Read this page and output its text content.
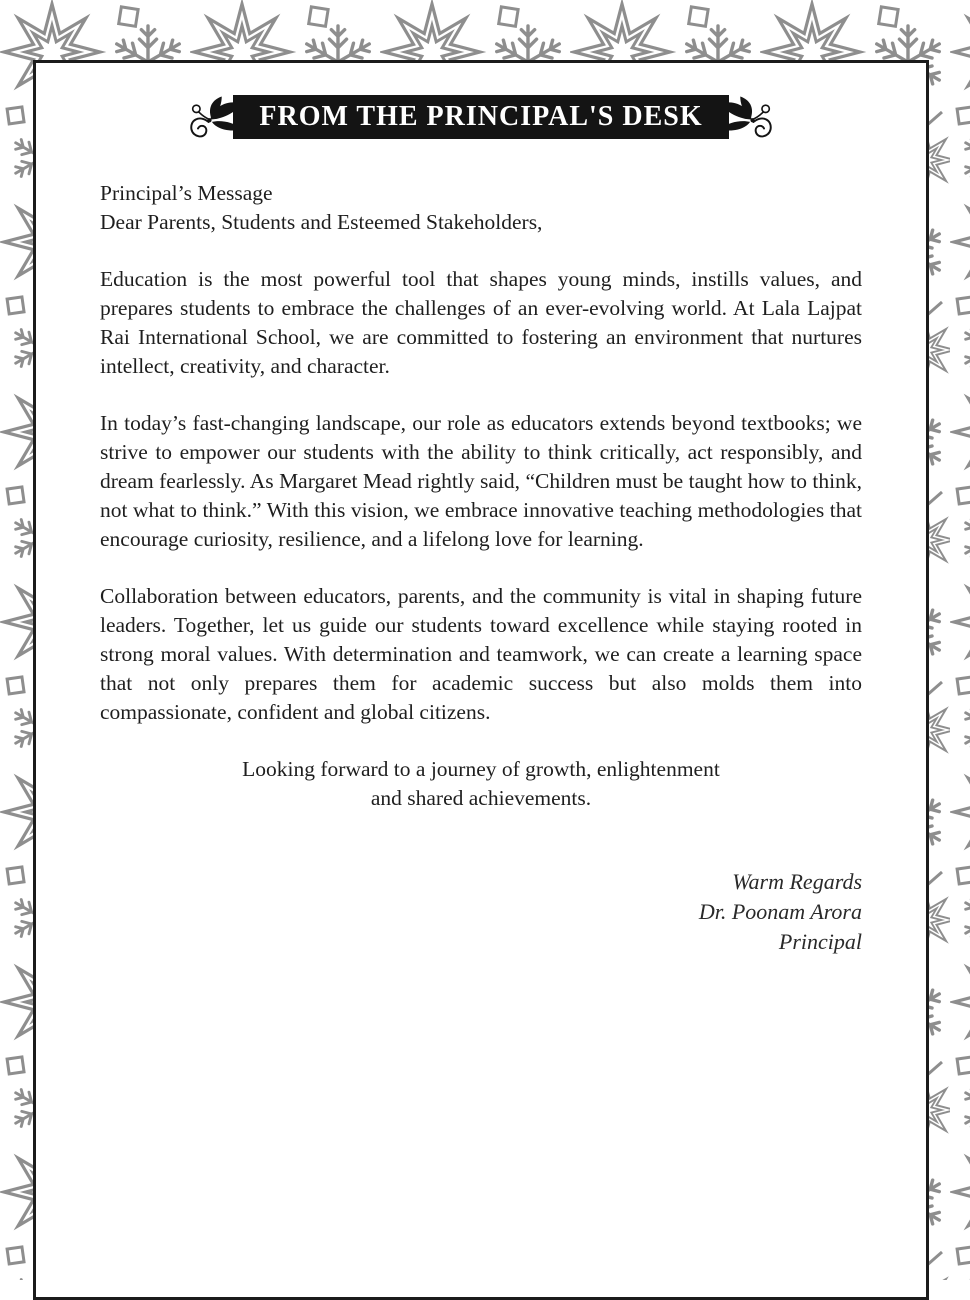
FROM THE PRINCIPAL'S DESK
Principal’s Message
Dear Parents, Students and Esteemed Stakeholders,

Education is the most powerful tool that shapes young minds, instills values, and prepares students to embrace the challenges of an ever-evolving world. At Lala Lajpat Rai International School, we are committed to fostering an environment that nurtures intellect, creativity, and character.

In today’s fast-changing landscape, our role as educators extends beyond textbooks; we strive to empower our students with the ability to think critically, act responsibly, and dream fearlessly. As Margaret Mead rightly said, “Children must be taught how to think, not what to think.” With this vision, we embrace innovative teaching methodologies that encourage curiosity, resilience, and a lifelong love for learning.

Collaboration between educators, parents, and the community is vital in shaping future leaders. Together, let us guide our students toward excellence while staying rooted in strong moral values. With determination and teamwork, we can create a learning space that not only prepares them for academic success but also molds them into compassionate, confident and global citizens.

Looking forward to a journey of growth, enlightenment
and shared achievements.
Warm Regards
Dr. Poonam Arora
Principal
